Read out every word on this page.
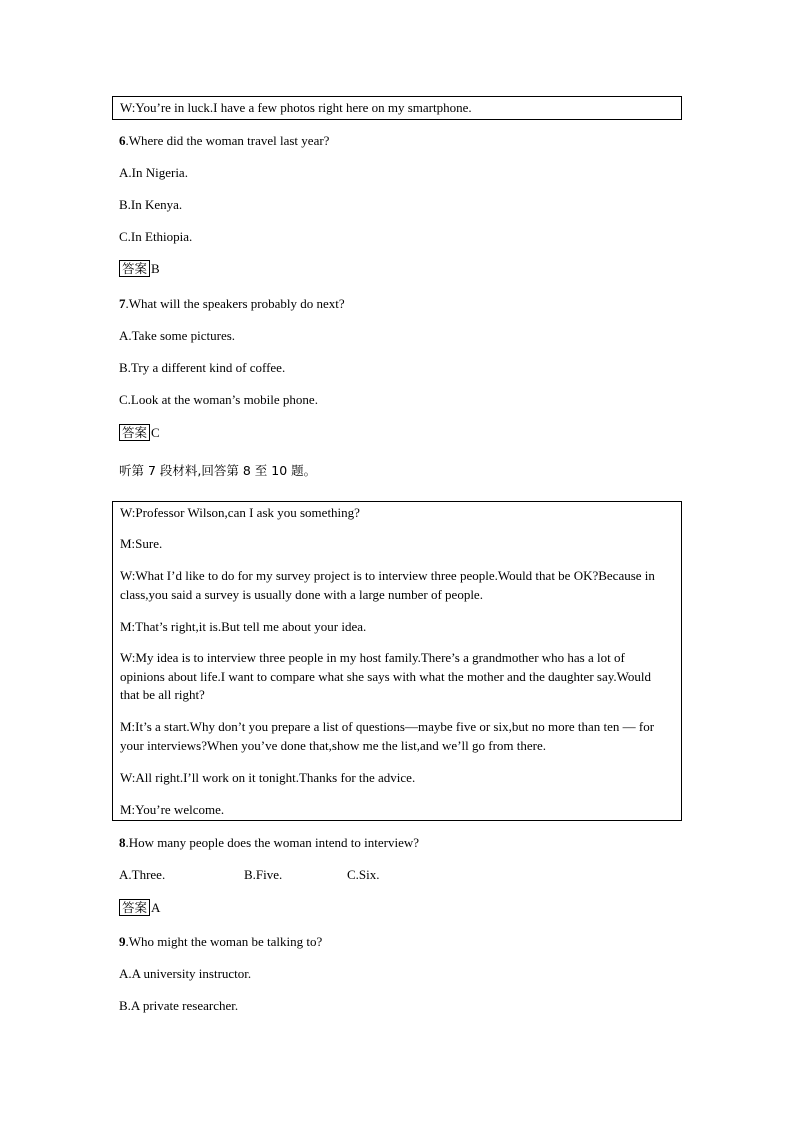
W:You’re in luck.I have a few photos right here on my smartphone.
6.Where did the woman travel last year?
A.In Nigeria.
B.In Kenya.
C.In Ethiopia.
答案 B
7.What will the speakers probably do next?
A.Take some pictures.
B.Try a different kind of coffee.
C.Look at the woman’s mobile phone.
答案 C
听第 7 段材料,回答第 8 至 10 题。
W:Professor Wilson,can I ask you something?
M:Sure.
W:What I’d like to do for my survey project is to interview three people.Would that be OK?Because in class,you said a survey is usually done with a large number of people.
M:That’s right,it is.But tell me about your idea.
W:My idea is to interview three people in my host family.There’s a grandmother who has a lot of opinions about life.I want to compare what she says with what the mother and the daughter say.Would that be all right?
M:It’s a start.Why don’t you prepare a list of questions—maybe five or six,but no more than ten — for your interviews?When you’ve done that,show me the list,and we’ll go from there.
W:All right.I’ll work on it tonight.Thanks for the advice.
M:You’re welcome.
8.How many people does the woman intend to interview?
A.Three.	B.Five.	C.Six.
答案 A
9.Who might the woman be talking to?
A.A university instructor.
B.A private researcher.
